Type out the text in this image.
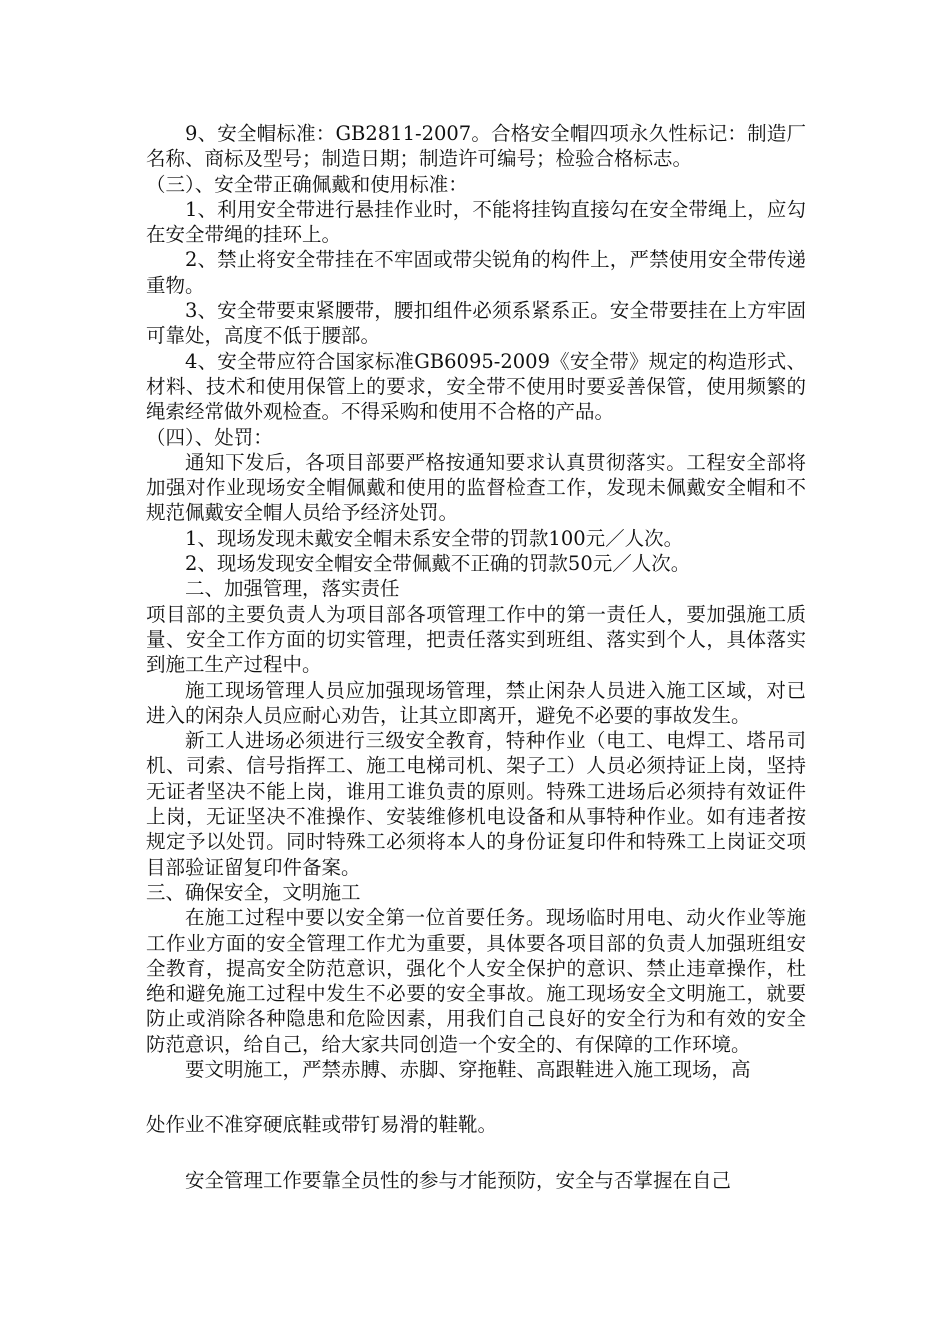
9、安全帽标准：GB2811-2007。合格安全帽四项永久性标记：制造厂名称、商标及型号；制造日期；制造许可编号；检验合格标志。

（三）、安全带正确佩戴和使用标准：

1、利用安全带进行悬挂作业时，不能将挂钩直接勾在安全带绳上，应勾在安全带绳的挂环上。

2、禁止将安全带挂在不牢固或带尖锐角的构件上，严禁使用安全带传递重物。

3、安全带要束紧腰带，腰扣组件必须系紧系正。安全带要挂在上方牢固可靠处，高度不低于腰部。

4、安全带应符合国家标准GB6095-2009《安全带》规定的构造形式、材料、技术和使用保管上的要求，安全带不使用时要妥善保管，使用频繁的绳索经常做外观检查。不得采购和使用不合格的产品。

（四）、处罚：

通知下发后，各项目部要严格按通知要求认真贯彻落实。工程安全部将加强对作业现场安全帽佩戴和使用的监督检查工作，发现未佩戴安全帽和不规范佩戴安全帽人员给予经济处罚。

1、现场发现未戴安全帽未系安全带的罚款100元／人次。

2、现场发现安全帽安全带佩戴不正确的罚款50元／人次。

二、加强管理，落实责任

项目部的主要负责人为项目部各项管理工作中的第一责任人，要加强施工质量、安全工作方面的切实管理，把责任落实到班组、落实到个人，具体落实到施工生产过程中。

施工现场管理人员应加强现场管理，禁止闲杂人员进入施工区域，对已进入的闲杂人员应耐心劝告，让其立即离开，避免不必要的事故发生。

新工人进场必须进行三级安全教育，特种作业（电工、电焊工、塔吊司机、司索、信号指挥工、施工电梯司机、架子工）人员必须持证上岗，坚持无证者坚决不能上岗，谁用工谁负责的原则。特殊工进场后必须持有效证件上岗，无证坚决不准操作、安装维修机电设备和从事特种作业。如有违者按规定予以处罚。同时特殊工必须将本人的身份证复印件和特殊工上岗证交项目部验证留复印件备案。

三、确保安全，文明施工

在施工过程中要以安全第一位首要任务。现场临时用电、动火作业等施工作业方面的安全管理工作尤为重要，具体要各项目部的负责人加强班组安全教育，提高安全防范意识，强化个人安全保护的意识、禁止违章操作，杜绝和避免施工过程中发生不必要的安全事故。施工现场安全文明施工，就要防止或消除各种隐患和危险因素，用我们自己良好的安全行为和有效的安全防范意识，给自己，给大家共同创造一个安全的、有保障的工作环境。

要文明施工，严禁赤膊、赤脚、穿拖鞋、高跟鞋进入施工现场，高

处作业不准穿硬底鞋或带钉易滑的鞋靴。

安全管理工作要靠全员性的参与才能预防，安全与否掌握在自己
